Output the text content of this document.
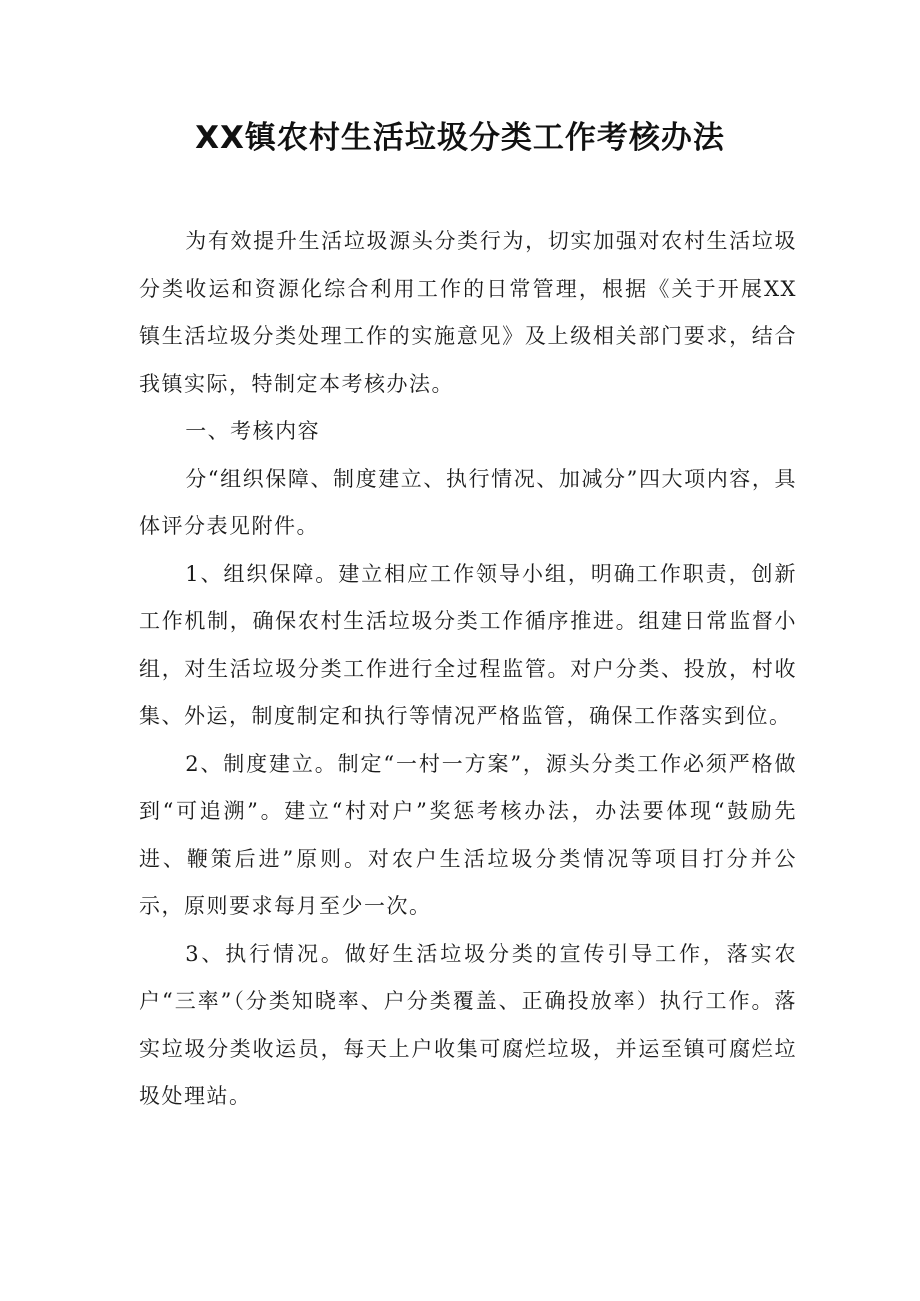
XX镇农村生活垃圾分类工作考核办法

为有效提升生活垃圾源头分类行为，切实加强对农村生活垃圾分类收运和资源化综合利用工作的日常管理，根据《关于开展XX镇生活垃圾分类处理工作的实施意见》及上级相关部门要求，结合我镇实际，特制定本考核办法。

一、考核内容

分“组织保障、制度建立、执行情况、加减分”四大项内容，具体评分表见附件。

1、组织保障。建立相应工作领导小组，明确工作职责，创新工作机制，确保农村生活垃圾分类工作循序推进。组建日常监督小组，对生活垃圾分类工作进行全过程监管。对户分类、投放，村收集、外运，制度制定和执行等情况严格监管，确保工作落实到位。

2、制度建立。制定“一村一方案”，源头分类工作必须严格做到“可追溯”。建立“村对户”奖惩考核办法，办法要体现“鼓励先进、鞭策后进”原则。对农户生活垃圾分类情况等项目打分并公示，原则要求每月至少一次。

3、执行情况。做好生活垃圾分类的宣传引导工作，落实农户“三率”（分类知晓率、户分类覆盖、正确投放率）执行工作。落实垃圾分类收运员，每天上户收集可腐烂垃圾，并运至镇可腐烂垃圾处理站。
